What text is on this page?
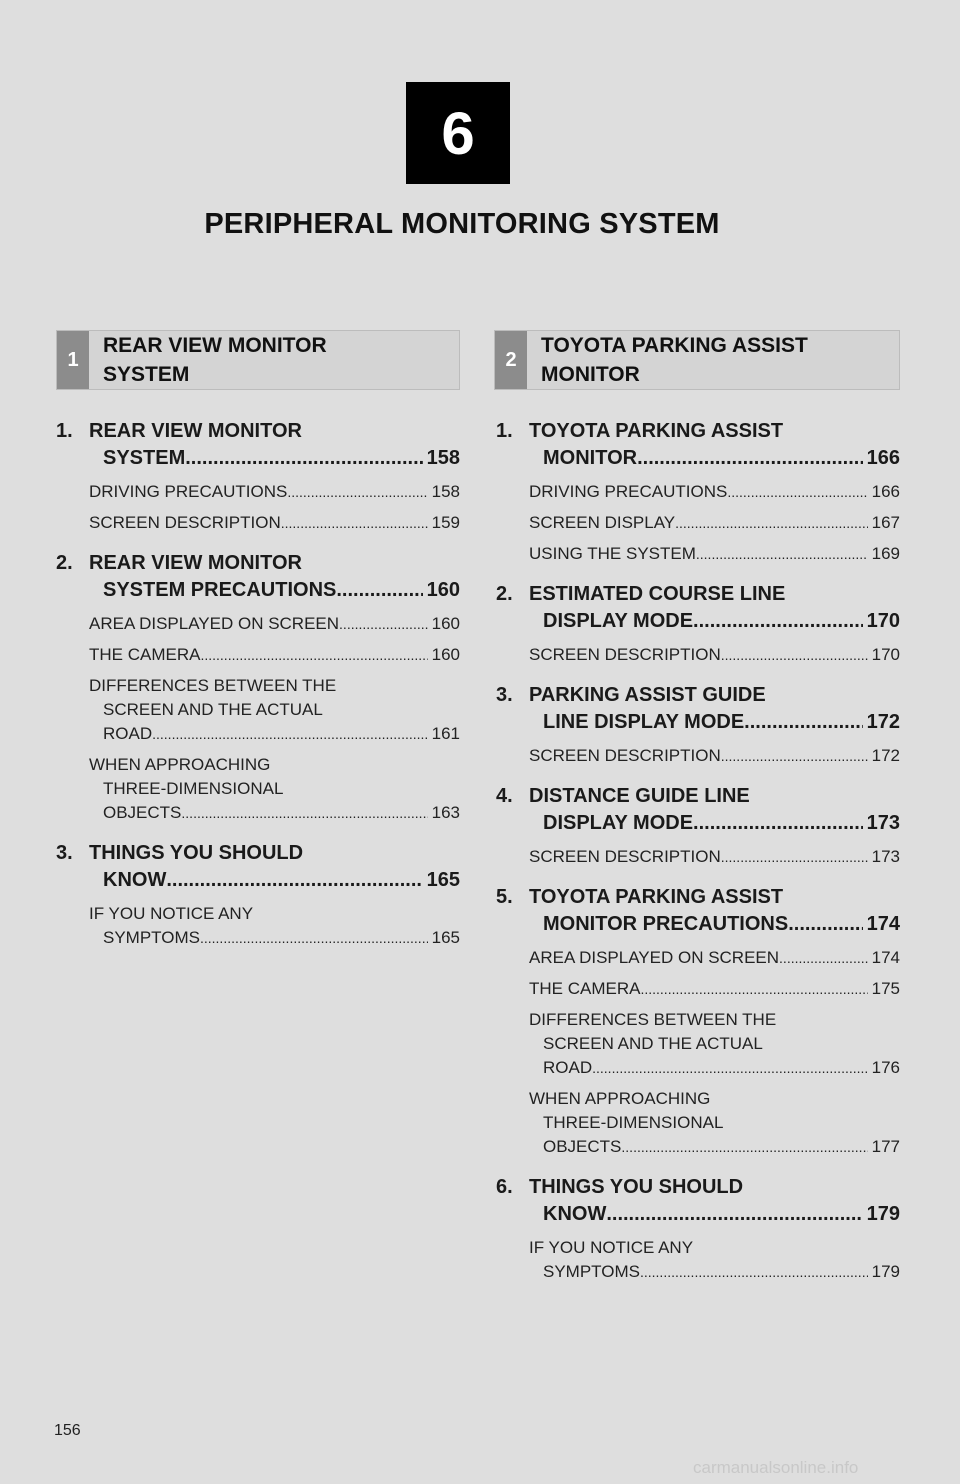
6
PERIPHERAL MONITORING SYSTEM
1
REAR VIEW MONITOR
SYSTEM
2
TOYOTA PARKING ASSIST
MONITOR
1. REAR VIEW MONITOR
SYSTEM .....	158
DRIVING PRECAUTIONS .....	158
SCREEN DESCRIPTION .....	159
2. REAR VIEW MONITOR
SYSTEM PRECAUTIONS .....	160
AREA DISPLAYED ON SCREEN .....	160
THE CAMERA .....	160
DIFFERENCES BETWEEN THE
SCREEN AND THE ACTUAL
ROAD .....	161
WHEN APPROACHING
THREE-DIMENSIONAL
OBJECTS .....	163
3. THINGS YOU SHOULD
KNOW .....	165
IF YOU NOTICE ANY
SYMPTOMS .....	165
1. TOYOTA PARKING ASSIST
MONITOR .....	166
DRIVING PRECAUTIONS .....	166
SCREEN DISPLAY .....	167
USING THE SYSTEM .....	169
2. ESTIMATED COURSE LINE
DISPLAY MODE .....	170
SCREEN DESCRIPTION .....	170
3. PARKING ASSIST GUIDE
LINE DISPLAY MODE .....	172
SCREEN DESCRIPTION .....	172
4. DISTANCE GUIDE LINE
DISPLAY MODE .....	173
SCREEN DESCRIPTION .....	173
5. TOYOTA PARKING ASSIST
MONITOR PRECAUTIONS .....	174
AREA DISPLAYED ON SCREEN .....	174
THE CAMERA .....	175
DIFFERENCES BETWEEN THE
SCREEN AND THE ACTUAL
ROAD .....	176
WHEN APPROACHING
THREE-DIMENSIONAL
OBJECTS .....	177
6. THINGS YOU SHOULD
KNOW .....	179
IF YOU NOTICE ANY
SYMPTOMS .....	179
156
carmanualsonline.info
